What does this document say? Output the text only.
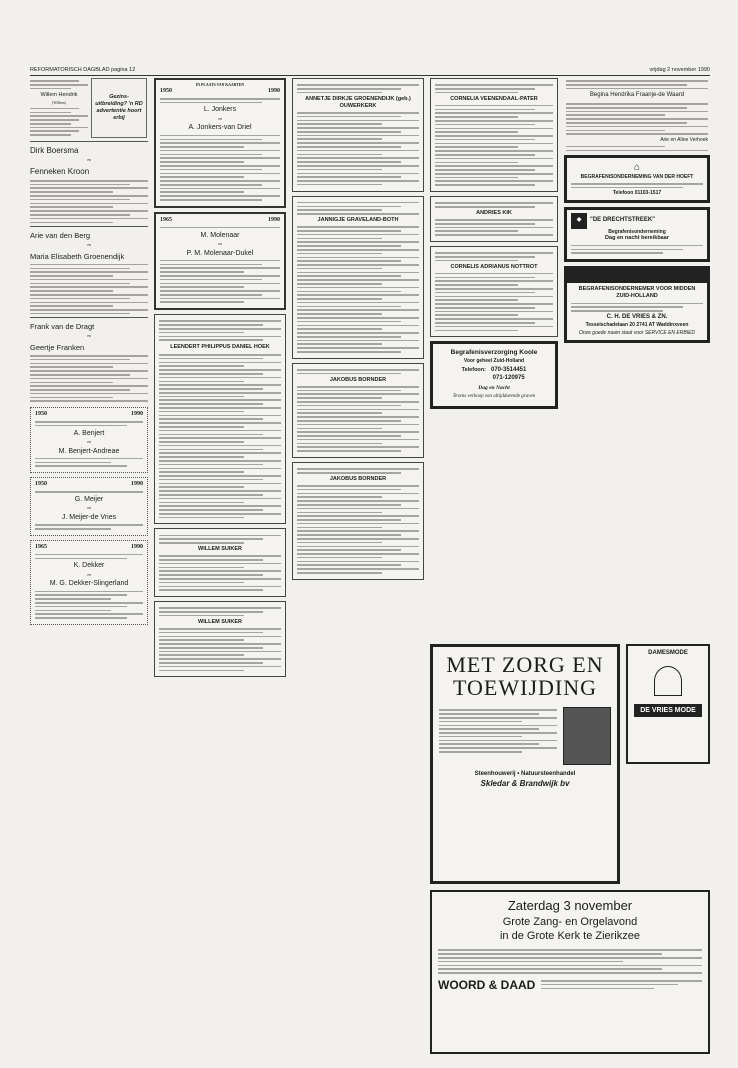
REFORMATORISCH DAGBLAD pagina 12	vrijdag 2 november 1990
Willem Hendrik
(Willem)
Gezins-uitbreiding? 'n RD advertentie hoort erbij
Dirk Boersma
en
Fenneken Kroon
Arie van den Berg
en
Maria Elisabeth Groenendijk
Frank van de Dragt
en
Geertje Franken
1950	1990
A. Benjert
en
M. Benjert-Andreae
1950	1990
G. Meijer
en
J. Meijer-de Vries
1965	1990
K. Dekker
en
M. G. Dekker-Slingerland
IN PLAATS VAN KAARTEN
1950	1990
L. Jonkers
en
A. Jonkers-van Driel
1965	1990
M. Molenaar
en
P. M. Molenaar-Dukel
LEENDERT PHILIPPUS DANIEL HOEK
WILLEM SUIKER
WILLEM SUIKER
ANNETJE DIRKJE GROENENDIJK (geb.) OUWERKERK
JANNIGJE GRAVELAND-BOTH
JAKOBUS BORNDER
JAKOBUS BORNDER
CORNELIA VEENENDAAL-PATER
ANDRIES KIK
CORNELIS ADRIANUS NOTTROT
Begrafenisverzorging Koole
Voor geheel Zuid-Holland
Telefoon: 070-3514451
071-120975
Dag en Nacht
Tevens verkoop van altijddurende graven
Begina Hendrika Fraanje-de Waard
Arie en Aline Verhoek
⌂
BEGRAFENISONDERNEMING VAN DER HOEFT
Telefoon 01103-1517
◆	"DE DRECHTSTREEK"
Begrafenisonderneming
Dag en nacht bereikbaar
BEGRAFENISONDERNEMER VOOR MIDDEN ZUID-HOLLAND
C. H. DE VRIES & ZN.
Tesselschadelaan 20 2741 AT Waddinxveen
Onze goede naam staat voor SERVICE EN ERBIED
MET ZORG EN TOEWIJDING
Steenhouwerij • Natuursteenhandel
Skledar & Brandwijk bv
DAMESMODE
DE VRIES MODE
Zaterdag 3 november
Grote Zang- en Orgelavond
in de Grote Kerk te Zierikzee
WOORD & DAAD
